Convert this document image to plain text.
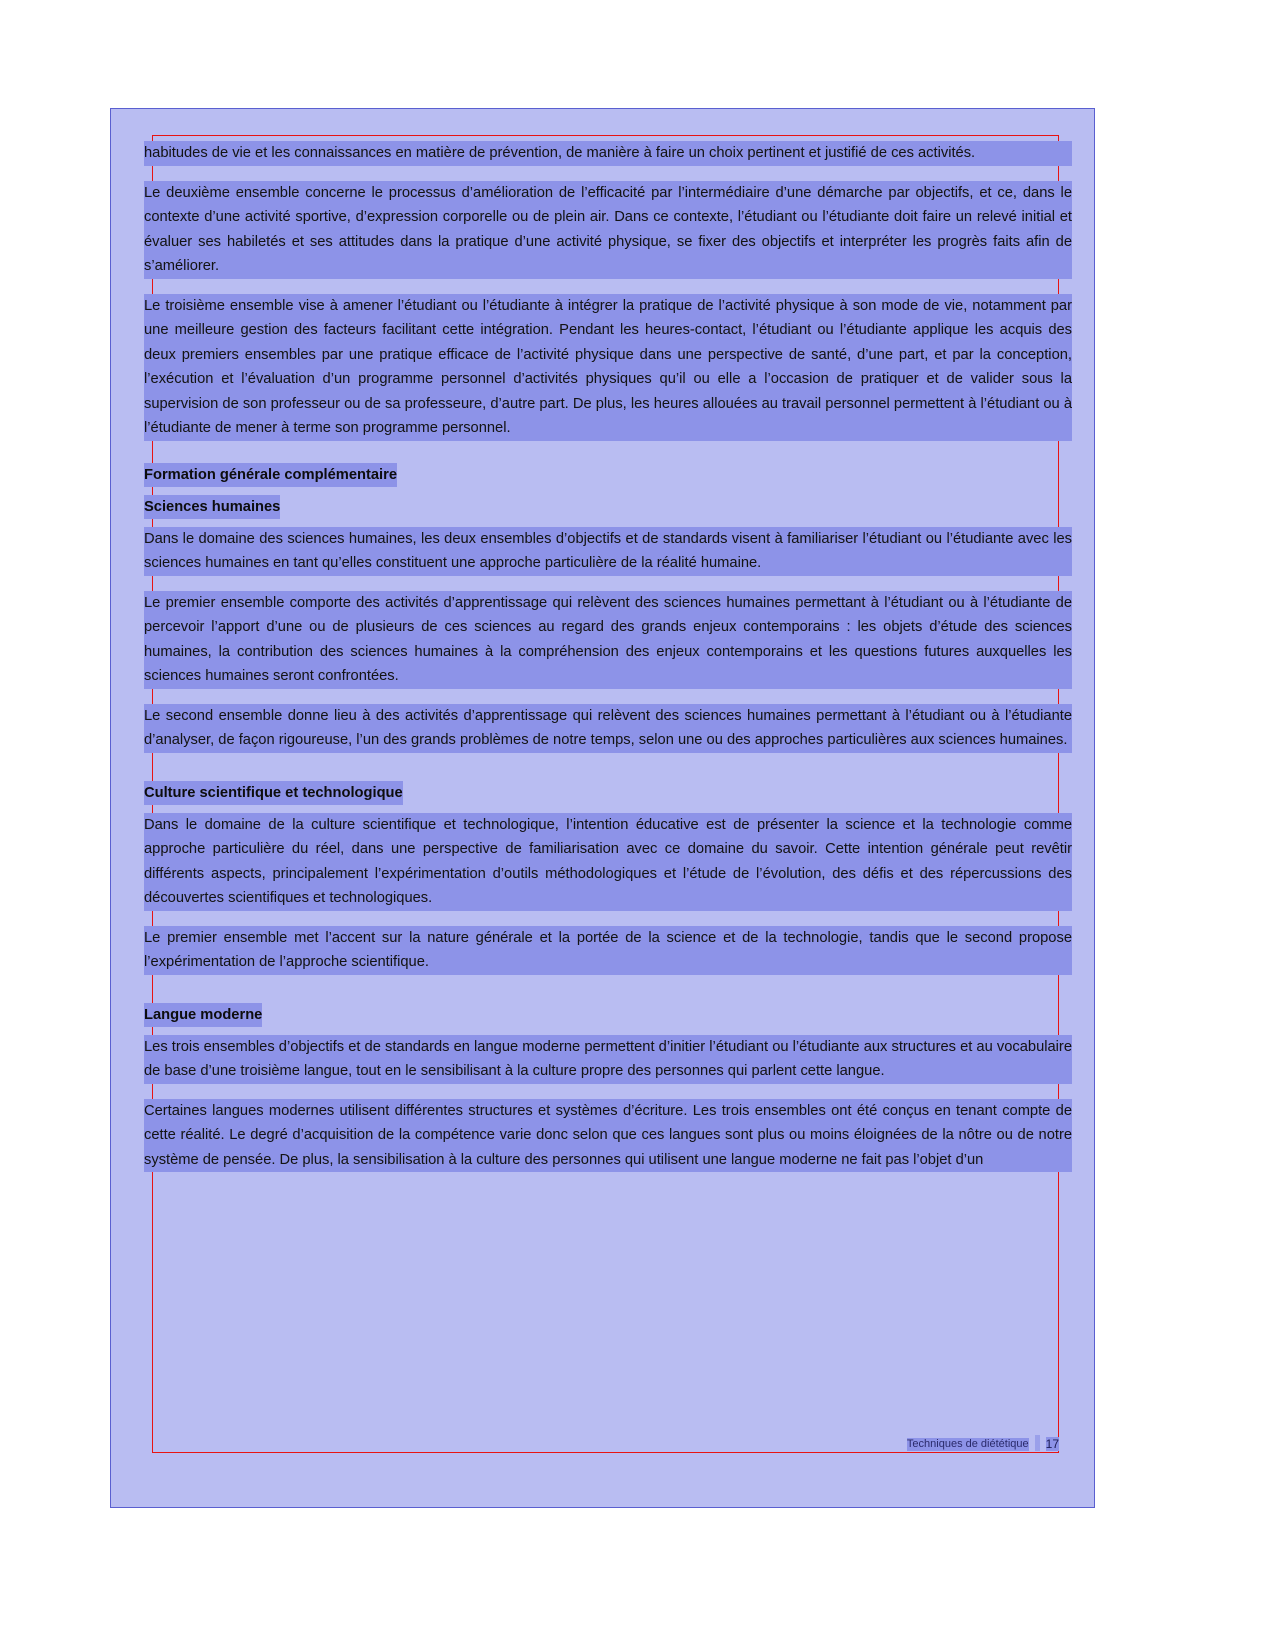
habitudes de vie et les connaissances en matière de prévention, de manière à faire un choix pertinent et justifié de ces activités.

Le deuxième ensemble concerne le processus d’amélioration de l’efficacité par l’intermédiaire d’une démarche par objectifs, et ce, dans le contexte d’une activité sportive, d’expression corporelle ou de plein air. Dans ce contexte, l’étudiant ou l’étudiante doit faire un relevé initial et évaluer ses habiletés et ses attitudes dans la pratique d’une activité physique, se fixer des objectifs et interpréter les progrès faits afin de s’améliorer.

Le troisième ensemble vise à amener l’étudiant ou l’étudiante à intégrer la pratique de l’activité physique à son mode de vie, notamment par une meilleure gestion des facteurs facilitant cette intégration. Pendant les heures-contact, l’étudiant ou l’étudiante applique les acquis des deux premiers ensembles par une pratique efficace de l’activité physique dans une perspective de santé, d’une part, et par la conception, l’exécution et l’évaluation d’un programme personnel d’activités physiques qu’il ou elle a l’occasion de pratiquer et de valider sous la supervision de son professeur ou de sa professeure, d’autre part. De plus, les heures allouées au travail personnel permettent à l’étudiant ou à l’étudiante de mener à terme son programme personnel.

Formation générale complémentaire
Sciences humaines

Dans le domaine des sciences humaines, les deux ensembles d’objectifs et de standards visent à familiariser l’étudiant ou l’étudiante avec les sciences humaines en tant qu’elles constituent une approche particulière de la réalité humaine.

Le premier ensemble comporte des activités d’apprentissage qui relèvent des sciences humaines permettant à l’étudiant ou à l’étudiante de percevoir l’apport d’une ou de plusieurs de ces sciences au regard des grands enjeux contemporains : les objets d’étude des sciences humaines, la contribution des sciences humaines à la compréhension des enjeux contemporains et les questions futures auxquelles les sciences humaines seront confrontées.

Le second ensemble donne lieu à des activités d’apprentissage qui relèvent des sciences humaines permettant à l’étudiant ou à l’étudiante d’analyser, de façon rigoureuse, l’un des grands problèmes de notre temps, selon une ou des approches particulières aux sciences humaines.

Culture scientifique et technologique

Dans le domaine de la culture scientifique et technologique, l’intention éducative est de présenter la science et la technologie comme approche particulière du réel, dans une perspective de familiarisation avec ce domaine du savoir. Cette intention générale peut revêtir différents aspects, principalement l’expérimentation d’outils méthodologiques et l’étude de l’évolution, des défis et des répercussions des découvertes scientifiques et technologiques.

Le premier ensemble met l’accent sur la nature générale et la portée de la science et de la technologie, tandis que le second propose l’expérimentation de l’approche scientifique.

Langue moderne

Les trois ensembles d’objectifs et de standards en langue moderne permettent d’initier l’étudiant ou l’étudiante aux structures et au vocabulaire de base d’une troisième langue, tout en le sensibilisant à la culture propre des personnes qui parlent cette langue.

Certaines langues modernes utilisent différentes structures et systèmes d’écriture. Les trois ensembles ont été conçus en tenant compte de cette réalité. Le degré d’acquisition de la compétence varie donc selon que ces langues sont plus ou moins éloignées de la nôtre ou de notre système de pensée. De plus, la sensibilisation à la culture des personnes qui utilisent une langue moderne ne fait pas l’objet d’un

Techniques de diététique 17
